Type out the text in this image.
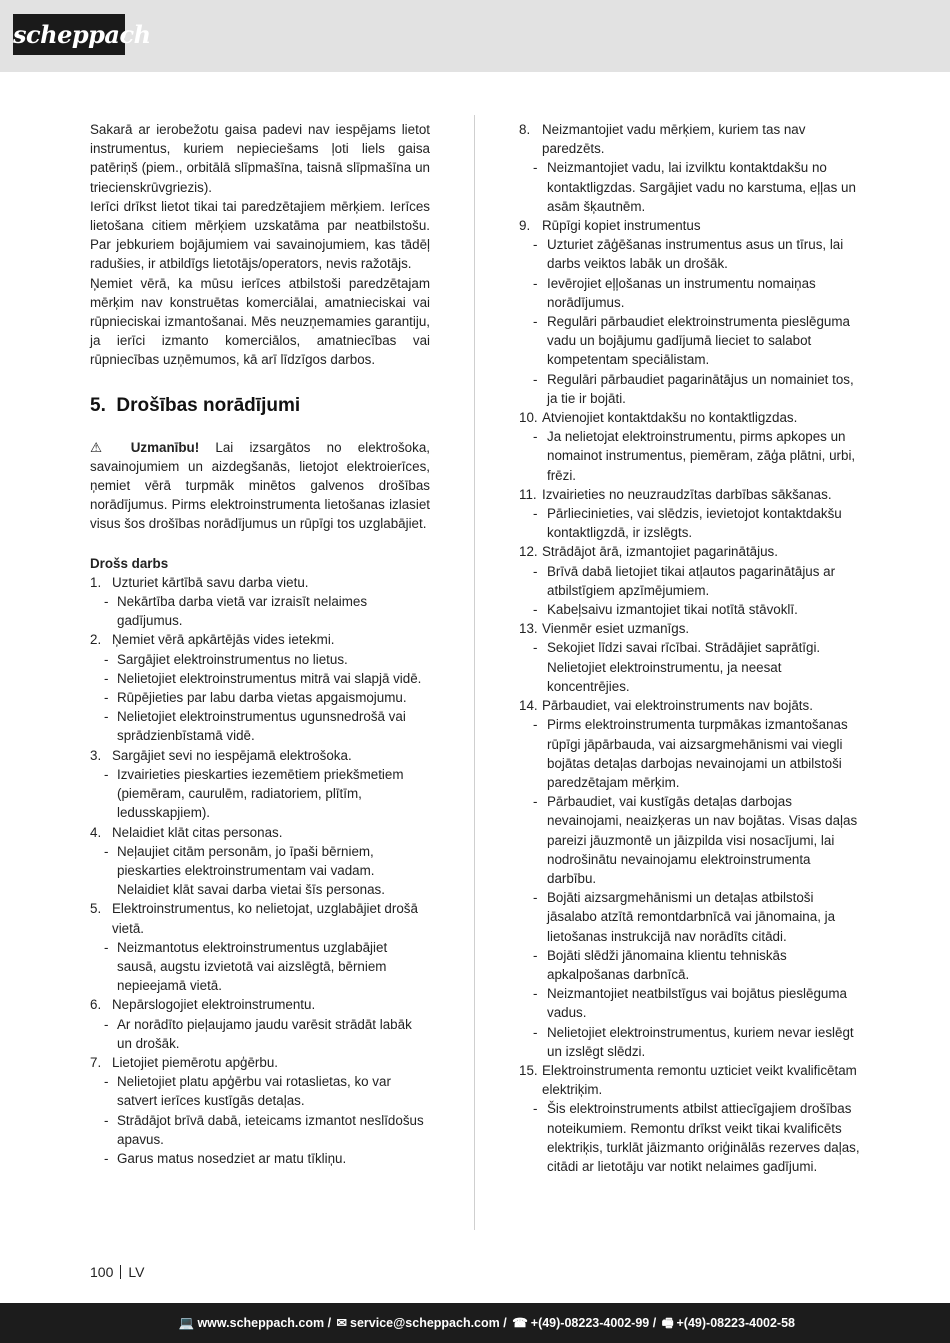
scheppach

Sakarā ar ierobežotu gaisa padevi nav iespējams lietot instrumentus, kuriem nepieciešams ļoti liels gaisa patēriņš (piem., orbitālā slīpmašīna, taisnā slīpmašīna un triecienskrūvgriezis).

Ierīci drīkst lietot tikai tai paredzētajiem mērķiem. Ierīces lietošana citiem mērķiem uzskatāma par neatbilstošu. Par jebkuriem bojājumiem vai savainojumiem, kas tādēļ radušies, ir atbildīgs lietotājs/operators, nevis ražotājs.

Ņemiet vērā, ka mūsu ierīces atbilstoši paredzētajam mērķim nav konstruētas komerciālai, amatnieciskai vai rūpnieciskai izmantošanai. Mēs neuzņemamies garantiju, ja ierīci izmanto komerciālos, amatniecības vai rūpniecības uzņēmumos, kā arī līdzīgos darbos.

5. Drošības norādījumi

⚠ Uzmanību! Lai izsargātos no elektrošoka, savainojumiem un aizdegšanās, lietojot elektroierīces, ņemiet vērā turpmāk minētos galvenos drošības norādījumus. Pirms elektroinstrumenta lietošanas izlasiet visus šos drošības norādījumus un rūpīgi tos uzglabājiet.

Drošs darbs

1. Uzturiet kārtībā savu darba vietu.
- Nekārtība darba vietā var izraisīt nelaimes gadījumus.
2. Ņemiet vērā apkārtējās vides ietekmi.
- Sargājiet elektroinstrumentus no lietus.
- Nelietojiet elektroinstrumentus mitrā vai slapjā vidē.
- Rūpējieties par labu darba vietas apgaismojumu.
- Nelietojiet elektroinstrumentus ugunsnedrošā vai sprādzienbīstamā vidē.
3. Sargājiet sevi no iespējamā elektrošoka.
- Izvairieties pieskarties iezemētiem priekšmetiem (piemēram, caurulēm, radiatoriem, plītīm, ledusskapjiem).
4. Nelaidiet klāt citas personas.
- Neļaujiet citām personām, jo īpaši bērniem, pieskarties elektroinstrumentam vai vadam. Nelaidiet klāt savai darba vietai šīs personas.
5. Elektroinstrumentus, ko nelietojat, uzglabājiet drošā vietā.
- Neizmantotus elektroinstrumentus uzglabājiet sausā, augstu izvietotā vai aizslēgtā, bērniem nepieejamā vietā.
6. Nepārslogojiet elektroinstrumentu.
- Ar norādīto pieļaujamo jaudu varēsit strādāt labāk un drošāk.
7. Lietojiet piemērotu apģērbu.
- Nelietojiet platu apģērbu vai rotaslietas, ko var satvert ierīces kustīgās detaļas.
- Strādājot brīvā dabā, ieteicams izmantot neslīdošus apavus.
- Garus matus nosedziet ar matu tīkliņu.
8. Neizmantojiet vadu mērķiem, kuriem tas nav paredzēts.
- Neizmantojiet vadu, lai izvilktu kontaktdakšu no kontaktligzdas. Sargājiet vadu no karstuma, eļļas un asām šķautnēm.
9. Rūpīgi kopiet instrumentus
- Uzturiet zāģēšanas instrumentus asus un tīrus, lai darbs veiktos labāk un drošāk.
- Ievērojiet eļļošanas un instrumentu nomaiņas norādījumus.
- Regulāri pārbaudiet elektroinstrumenta pieslēguma vadu un bojājumu gadījumā lieciet to salabot kompetentam speciālistam.
- Regulāri pārbaudiet pagarinātājus un nomainiet tos, ja tie ir bojāti.
10. Atvienojiet kontaktdakšu no kontaktligzdas.
- Ja nelietojat elektroinstrumentu, pirms apkopes un nomainot instrumentus, piemēram, zāģa plātni, urbi, frēzi.
11. Izvairieties no neuzraudzītas darbības sākšanas.
- Pārliecinieties, vai slēdzis, ievietojot kontaktdakšu kontaktligzdā, ir izslēgts.
12. Strādājot ārā, izmantojiet pagarinātājus.
- Brīvā dabā lietojiet tikai atļautos pagarinātājus ar atbilstīgiem apzīmējumiem.
- Kabeļsaivu izmantojiet tikai notītā stāvoklī.
13. Vienmēr esiet uzmanīgs.
- Sekojiet līdzi savai rīcībai. Strādājiet saprātīgi. Nelietojiet elektroinstrumentu, ja neesat koncentrējies.
14. Pārbaudiet, vai elektroinstruments nav bojāts.
- Pirms elektroinstrumenta turpmākas izmantošanas rūpīgi jāpārbauda, vai aizsargmehānismi vai viegli bojātas detaļas darbojas nevainojami un atbilstoši paredzētajam mērķim.
- Pārbaudiet, vai kustīgās detaļas darbojas nevainojami, neaizķeras un nav bojātas. Visas daļas pareizi jāuzmontē un jāizpilda visi nosacījumi, lai nodrošinātu nevainojamu elektroinstrumenta darbību.
- Bojāti aizsargmehānismi un detaļas atbilstoši jāsalabo atzītā remontdarbnīcā vai jānomaina, ja lietošanas instrukcijā nav norādīts citādi.
- Bojāti slēdži jānomaina klientu tehniskās apkalpošanas darbnīcā.
- Neizmantojiet neatbilstīgus vai bojātus pieslēguma vadus.
- Nelietojiet elektroinstrumentus, kuriem nevar ieslēgt un izslēgt slēdzi.
15. Elektroinstrumenta remontu uzticiet veikt kvalificētam elektriķim.
- Šis elektroinstruments atbilst attiecīgajiem drošības noteikumiem. Remontu drīkst veikt tikai kvalificēts elektriķis, turklāt jāizmanto oriģinālās rezerves daļas, citādi ar lietotāju var notikt nelaimes gadījumi.
100 LV
💻 www.scheppach.com / ✉ service@scheppach.com / ☎ +(49)-08223-4002-99 / 🖷 +(49)-08223-4002-58
